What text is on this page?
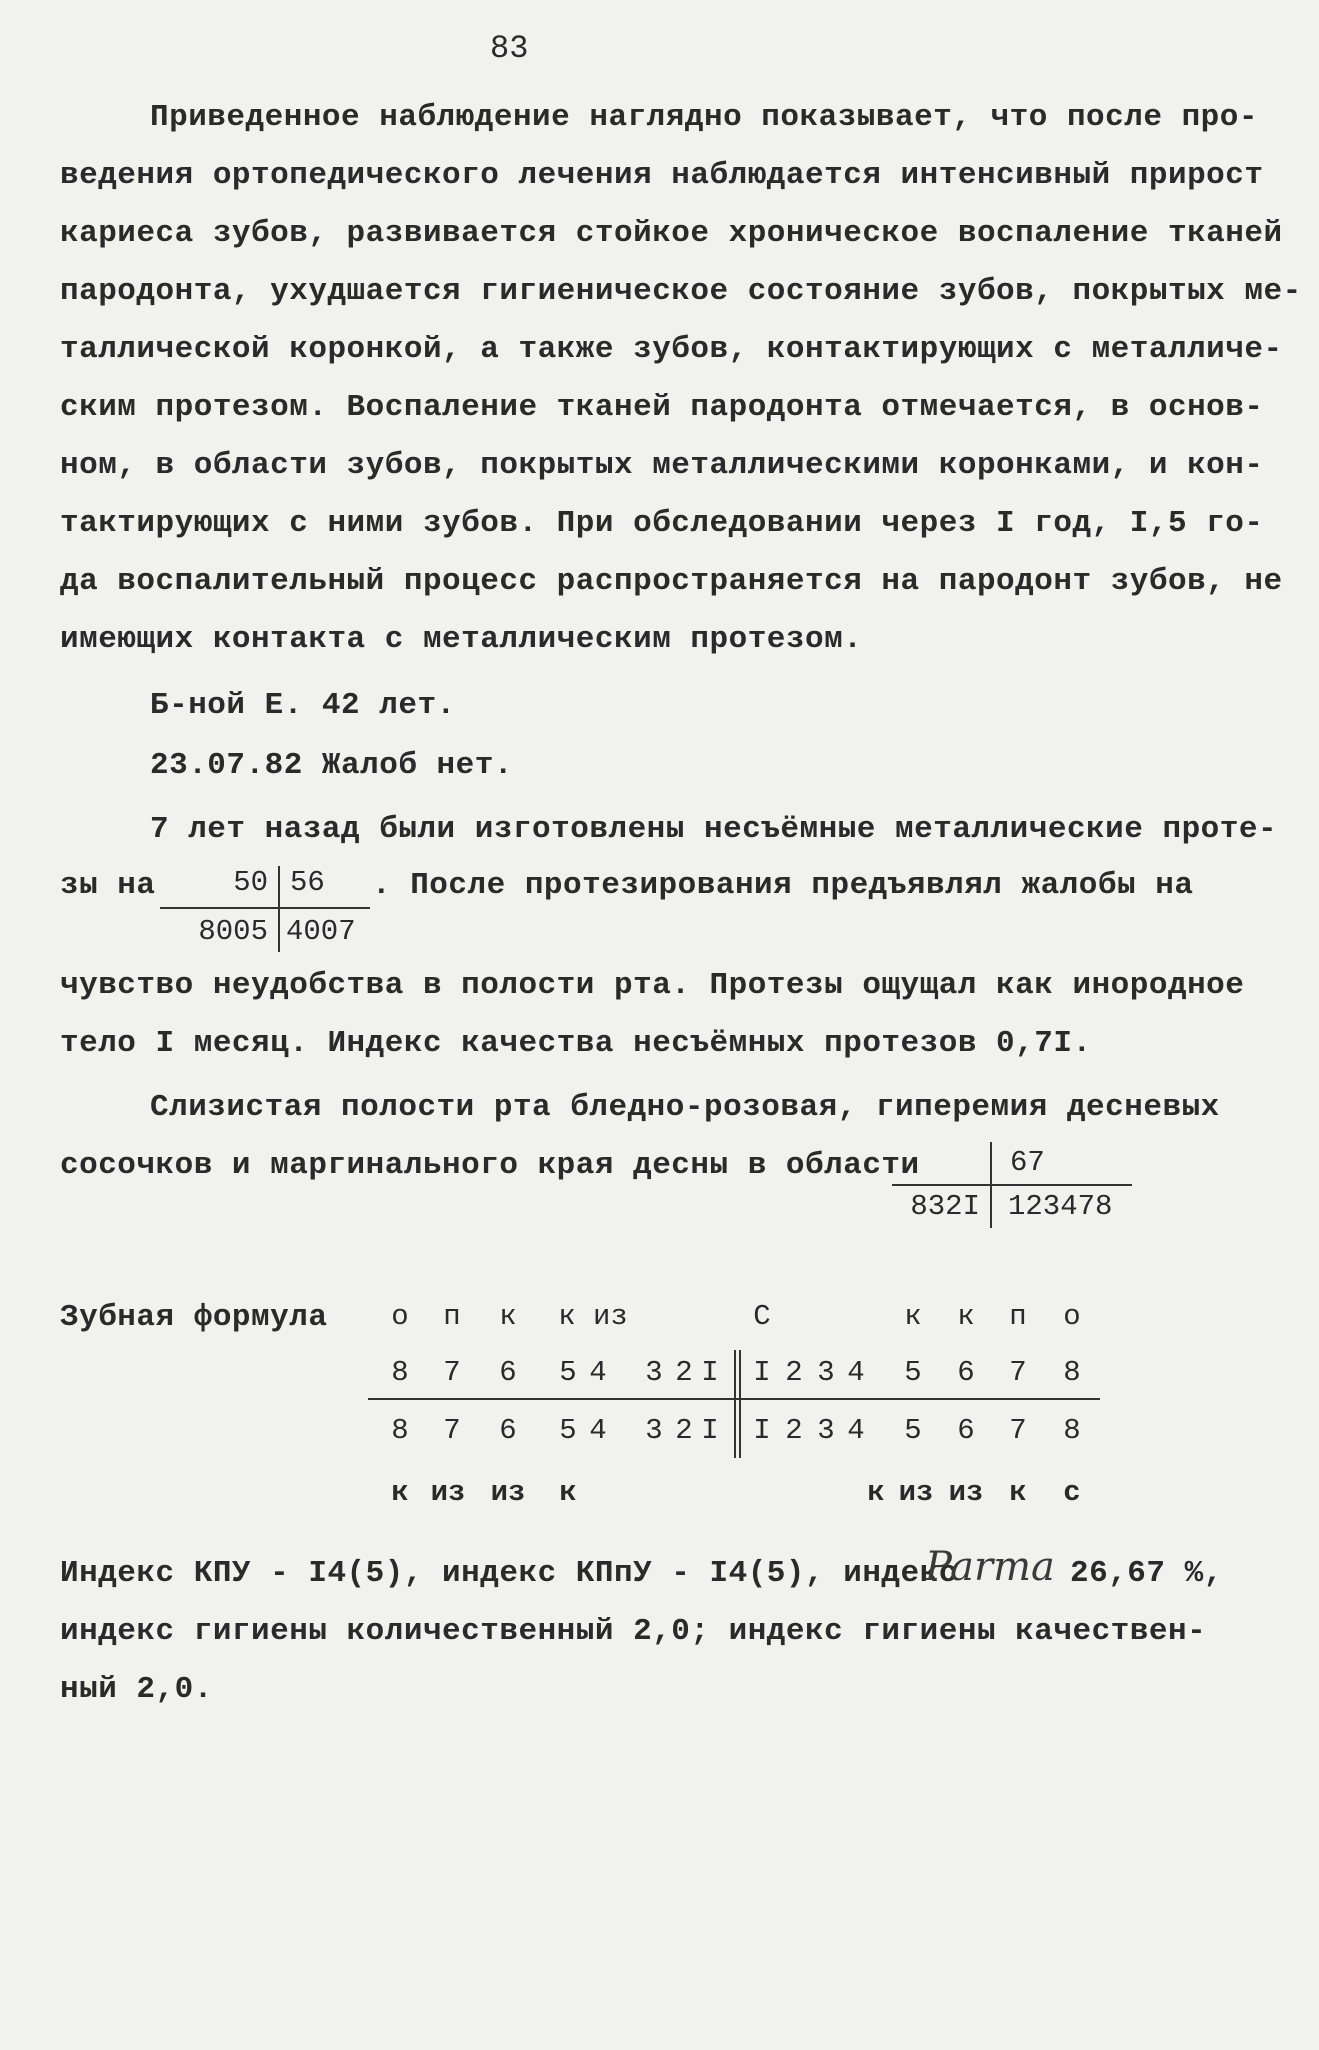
83
Приведенное наблюдение наглядно показывает, что после про-
ведения ортопедического лечения наблюдается интенсивный прирост
кариеса зубов, развивается стойкое хроническое воспаление тканей
пародонта, ухудшается гигиеническое состояние зубов, покрытых ме-
таллической коронкой, а также зубов, контактирующих с металличе-
ским протезом. Воспаление тканей пародонта отмечается, в основ-
ном, в области зубов, покрытых металлическими коронками, и кон-
тактирующих с ними зубов. При обследовании через I год, I,5 го-
да воспалительный процесс распространяется на пародонт зубов, не
имеющих контакта с металлическим протезом.
Б-ной Е. 42 лет.
23.07.82 Жалоб нет.
7 лет назад были изготовлены несъёмные металлические проте-
зы на	50 56
8005 4007
. После протезирования предъявлял жалобы на
чувство неудобства в полости рта. Протезы ощущал как инородное
тело I месяц. Индекс качества несъёмных протезов 0,7I.
Слизистая полости рта бледно-розовая, гиперемия десневых
сосочков и маргинального края десны в области	67
832I 123478
Зубная формула	о	п	к	к из	С	к	к	п	о
8	7	6	5 4	3 2 I	I 2 3 4	5	6	7	8
8	7	6	5 4	3 2 I	I 2 3 4	5	6	7	8
к из из	к	к из из к	с
Индекс КПУ - I4(5), индекс КПпУ - I4(5), индекс
Parma 26,67 %,
индекс гигиены количественный 2,0; индекс гигиены качествен-
ный 2,0.
